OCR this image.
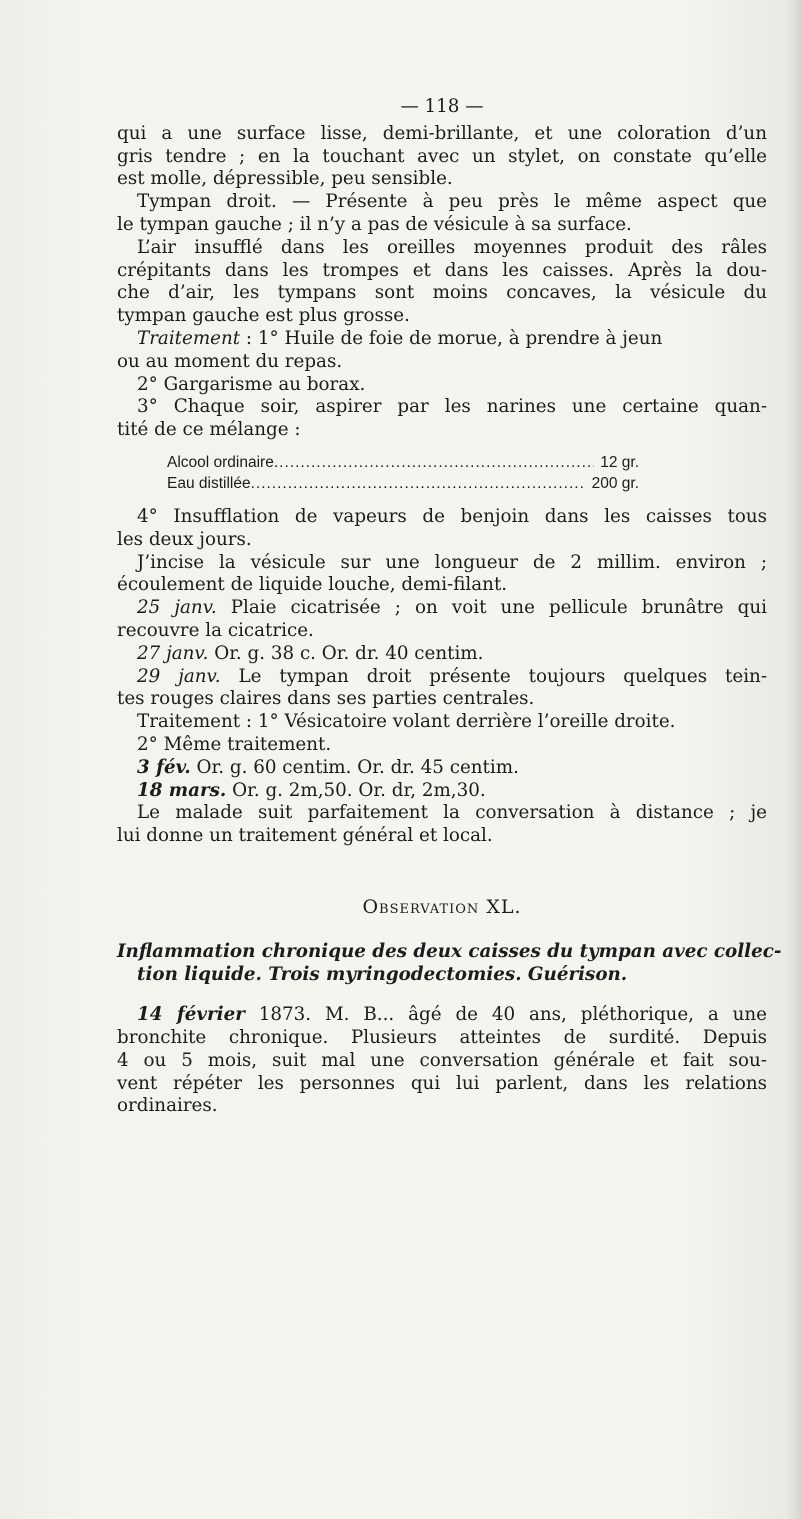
— 118 —
qui a une surface lisse, demi-brillante, et une coloration d’un
gris tendre ; en la touchant avec un stylet, on constate qu’elle
est molle, dépressible, peu sensible.
Tympan droit. — Présente à peu près le même aspect que
le tympan gauche ; il n’y a pas de vésicule à sa surface.
L’air insufflé dans les oreilles moyennes produit des râles
crépitants dans les trompes et dans les caisses. Après la dou-
che d’air, les tympans sont moins concaves, la vésicule du
tympan gauche est plus grosse.
Traitement : 1° Huile de foie de morue, à prendre à jeun
ou au moment du repas.
2° Gargarisme au borax.
3° Chaque soir, aspirer par les narines une certaine quan-
tité de ce mélange :
Alcool ordinaire .....	12 gr.
Eau distillée .....	200 gr.
4° Insufflation de vapeurs de benjoin dans les caisses tous
les deux jours.
J’incise la vésicule sur une longueur de 2 millim. environ ;
écoulement de liquide louche, demi-filant.
25 janv. Plaie cicatrisée ; on voit une pellicule brunâtre qui
recouvre la cicatrice.
27 janv. Or. g. 38 c. Or. dr. 40 centim.
29 janv. Le tympan droit présente toujours quelques tein-
tes rouges claires dans ses parties centrales.
Traitement : 1° Vésicatoire volant derrière l’oreille droite.
2° Même traitement.
3 fév. Or. g. 60 centim. Or. dr. 45 centim.
18 mars. Or. g. 2m,50. Or. dr, 2m,30.
Le malade suit parfaitement la conversation à distance ; je
lui donne un traitement général et local.
Observation XL.
Inflammation chronique des deux caisses du tympan avec collec-
tion liquide. Trois myringodectomies. Guérison.
14 février 1873. M. B... âgé de 40 ans, pléthorique, a une
bronchite chronique. Plusieurs atteintes de surdité. Depuis
4 ou 5 mois, suit mal une conversation générale et fait sou-
vent répéter les personnes qui lui parlent, dans les relations
ordinaires.
